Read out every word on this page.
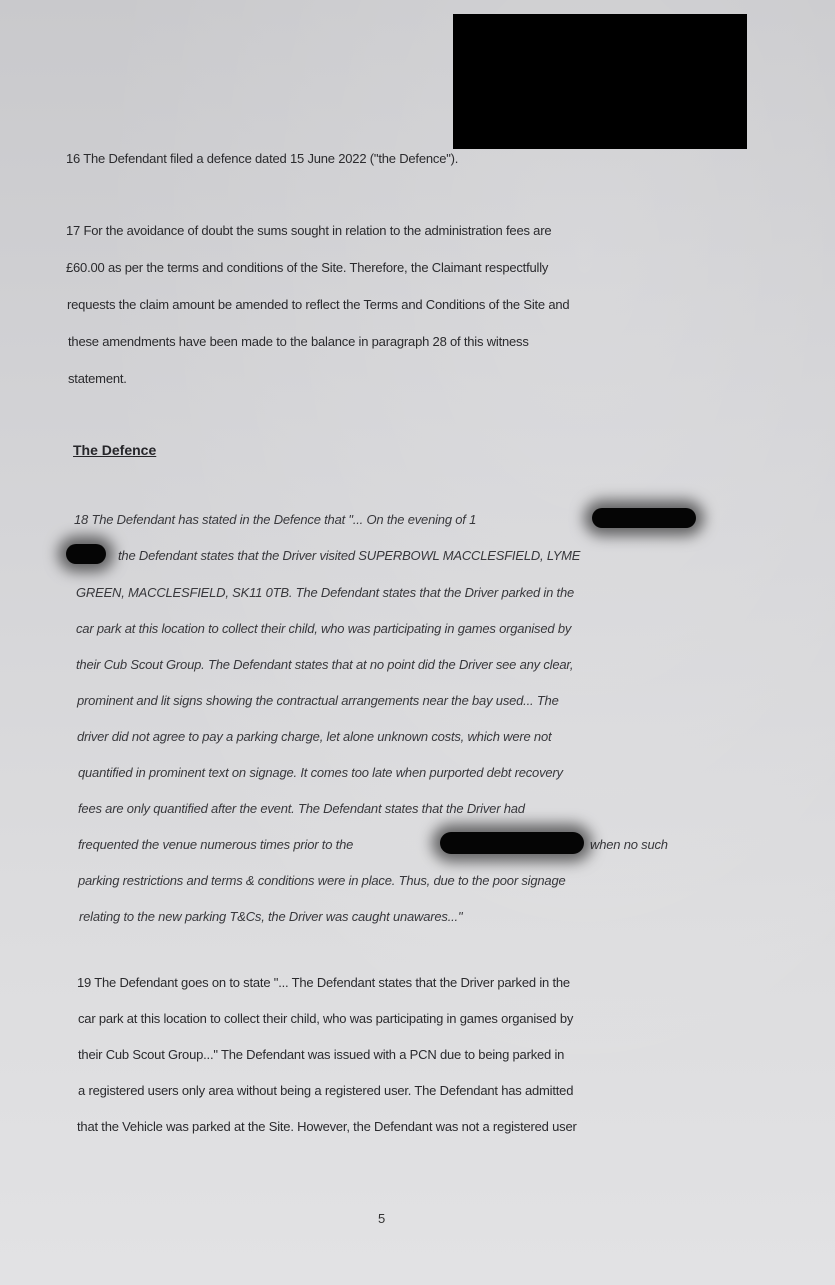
16 The Defendant filed a defence dated 15 June 2022 ("the Defence").
17 For the avoidance of doubt the sums sought in relation to the administration fees are
£60.00 as per the terms and conditions of the Site. Therefore, the Claimant respectfully
requests the claim amount be amended to reflect the Terms and Conditions of the Site and
these amendments have been made to the balance in paragraph 28 of this witness
statement.
The Defence
18 The Defendant has stated in the Defence that "... On the evening of 1
the Defendant states that the Driver visited SUPERBOWL MACCLESFIELD, LYME
GREEN, MACCLESFIELD, SK11 0TB. The Defendant states that the Driver parked in the
car park at this location to collect their child, who was participating in games organised by
their Cub Scout Group. The Defendant states that at no point did the Driver see any clear,
prominent and lit signs showing the contractual arrangements near the bay used... The
driver did not agree to pay a parking charge, let alone unknown costs, which were not
quantified in prominent text on signage. It comes too late when purported debt recovery
fees are only quantified after the event. The Defendant states that the Driver had
frequented the venue numerous times prior to the	when no such
parking restrictions and terms & conditions were in place. Thus, due to the poor signage
relating to the new parking T&Cs, the Driver was caught unawares..."
19 The Defendant goes on to state "... The Defendant states that the Driver parked in the
car park at this location to collect their child, who was participating in games organised by
their Cub Scout Group..." The Defendant was issued with a PCN due to being parked in
a registered users only area without being a registered user. The Defendant has admitted
that the Vehicle was parked at the Site. However, the Defendant was not a registered user
5
